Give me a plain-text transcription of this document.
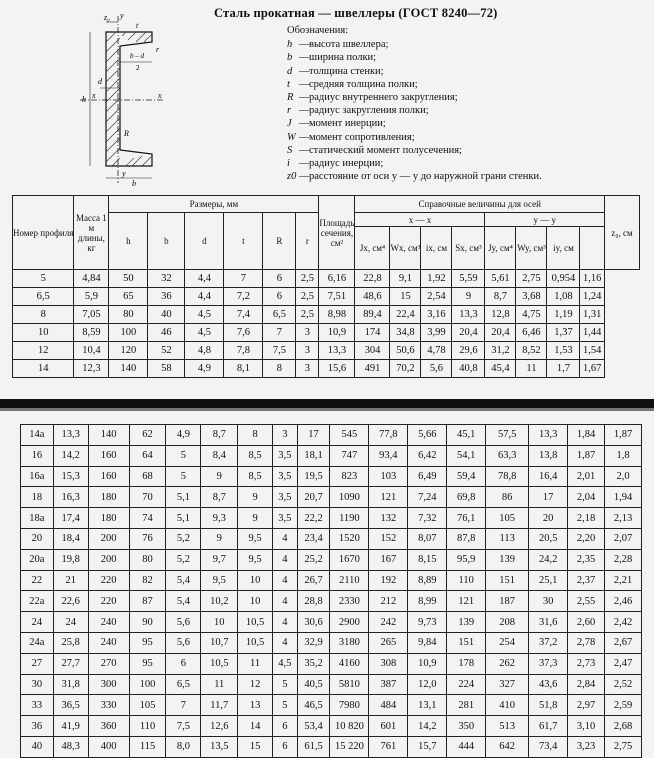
z₀ y
t
r
b – d
2
d
h x	x
R
y
b
Сталь прокатная — швеллеры (ГОСТ 8240—72)
Обозначения:
h —высота швеллера;
b —ширина полки;
d —толщина стенки;
t —средняя толщина полки;
R —радиус внутреннего закругления;
r —радиус закругления полки;
J —момент инерции;
W —момент сопротивления;
S —статический момент полусечения;
i —радиус инерции;
z0 —расстояние от оси y — y до наружной грани стенки.
Номер профиля	Масса 1 м длины, кг	Размеры, мм						Площадь сечения, см²	Справочные величины для осей								z₀, см
		h	b	d	t	R	r		x — x				y — y				
									Jx, см⁴	Wx, см³	ix, см	Sx, см³	Jy, см⁴	Wy, см³	iy, см		
5	4,84	50	32	4,4	7	6	2,5	6,16	22,8	9,1	1,92	5,59	5,61	2,75	0,954	1,16	
6,5	5,9	65	36	4,4	7,2	6	2,5	7,51	48,6	15	2,54	9	8,7	3,68	1,08	1,24	
8	7,05	80	40	4,5	7,4	6,5	2,5	8,98	89,4	22,4	3,16	13,3	12,8	4,75	1,19	1,31	
10	8,59	100	46	4,5	7,6	7	3	10,9	174	34,8	3,99	20,4	20,4	6,46	1,37	1,44	
12	10,4	120	52	4,8	7,8	7,5	3	13,3	304	50,6	4,78	29,6	31,2	8,52	1,53	1,54	
14	12,3	140	58	4,9	8,1	8	3	15,6	491	70,2	5,6	40,8	45,4	11	1,7	1,67	
14а	13,3	140	62	4,9	8,7	8	3	17	545	77,8	5,66	45,1	57,5	13,3	1,84	1,87
16	14,2	160	64	5	8,4	8,5	3,5	18,1	747	93,4	6,42	54,1	63,3	13,8	1,87	1,8
16а	15,3	160	68	5	9	8,5	3,5	19,5	823	103	6,49	59,4	78,8	16,4	2,01	2,0
18	16,3	180	70	5,1	8,7	9	3,5	20,7	1090	121	7,24	69,8	86	17	2,04	1,94
18а	17,4	180	74	5,1	9,3	9	3,5	22,2	1190	132	7,32	76,1	105	20	2,18	2,13
20	18,4	200	76	5,2	9	9,5	4	23,4	1520	152	8,07	87,8	113	20,5	2,20	2,07
20а	19,8	200	80	5,2	9,7	9,5	4	25,2	1670	167	8,15	95,9	139	24,2	2,35	2,28
22	21	220	82	5,4	9,5	10	4	26,7	2110	192	8,89	110	151	25,1	2,37	2,21
22а	22,6	220	87	5,4	10,2	10	4	28,8	2330	212	8,99	121	187	30	2,55	2,46
24	24	240	90	5,6	10	10,5	4	30,6	2900	242	9,73	139	208	31,6	2,60	2,42
24а	25,8	240	95	5,6	10,7	10,5	4	32,9	3180	265	9,84	151	254	37,2	2,78	2,67
27	27,7	270	95	6	10,5	11	4,5	35,2	4160	308	10,9	178	262	37,3	2,73	2,47
30	31,8	300	100	6,5	11	12	5	40,5	5810	387	12,0	224	327	43,6	2,84	2,52
33	36,5	330	105	7	11,7	13	5	46,5	7980	484	13,1	281	410	51,8	2,97	2,59
36	41,9	360	110	7,5	12,6	14	6	53,4	10 820	601	14,2	350	513	61,7	3,10	2,68
40	48,3	400	115	8,0	13,5	15	6	61,5	15 220	761	15,7	444	642	73,4	3,23	2,75
